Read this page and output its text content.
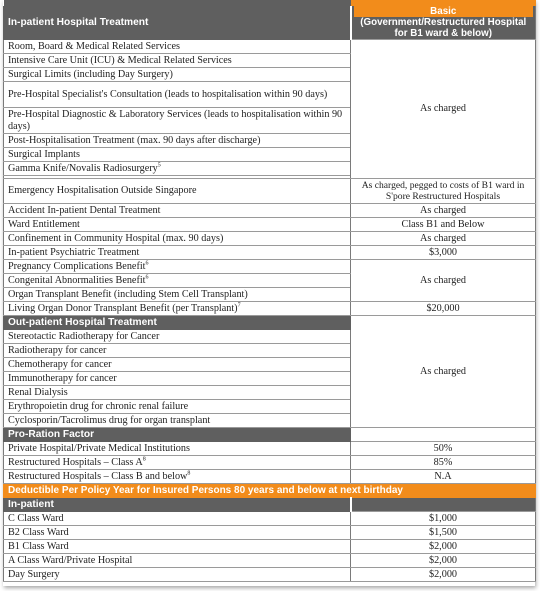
In-patient Hospital Treatment	Basic
(Government/Restructured Hospital for B1 ward & below)
Room, Board & Medical Related Services	As charged
Intensive Care Unit (ICU) & Medical Related Services	
Surgical Limits (including Day Surgery)	
Pre-Hospital Specialist's Consultation (leads to hospitalisation within 90 days)	
Pre-Hospital Diagnostic & Laboratory Services (leads to hospitalisation within 90 days)	
Post-Hospitalisation Treatment (max. 90 days after discharge)	
Surgical Implants	
Gamma Knife/Novalis Radiosurgery$^5$

Emergency Hospitalisation Outside Singapore	As charged, pegged to costs of B1 ward in S'pore Restructured Hospitals
Accident In-patient Dental Treatment	As charged
Ward Entitlement	Class B1 and Below
Confinement in Community Hospital (max. 90 days)	As charged
In-patient Psychiatric Treatment	$3,000
Pregnancy Complications Benefit$^6$	As charged
Congenital Abnormalities Benefit$^6$
Organ Transplant Benefit (including Stem Cell Transplant)	
Living Organ Donor Transplant Benefit (per Transplant)$^7$	$20,000
Out-patient Hospital Treatment	As charged
Stereotactic Radiotherapy for Cancer	
Radiotherapy for cancer	
Chemotherapy for cancer	
Immunotherapy for cancer	
Renal Dialysis	
Erythropoietin drug for chronic renal failure	
Cyclosporin/Tacrolimus drug for organ transplant	
Pro-Ration Factor	
Private Hospital/Private Medical Institutions	50%
Restructured Hospitals – Class $A^8$	85%
Restructured Hospitals – Class B and below$^8$	N.A
Deductible Per Policy Year for Insured Persons 80 years and below at next birthday	
In-patient	
C Class Ward	$1,000
B2 Class Ward	$1,500
B1 Class Ward	$2,000
A Class Ward/Private Hospital	$2,000
Day Surgery	$2,000
